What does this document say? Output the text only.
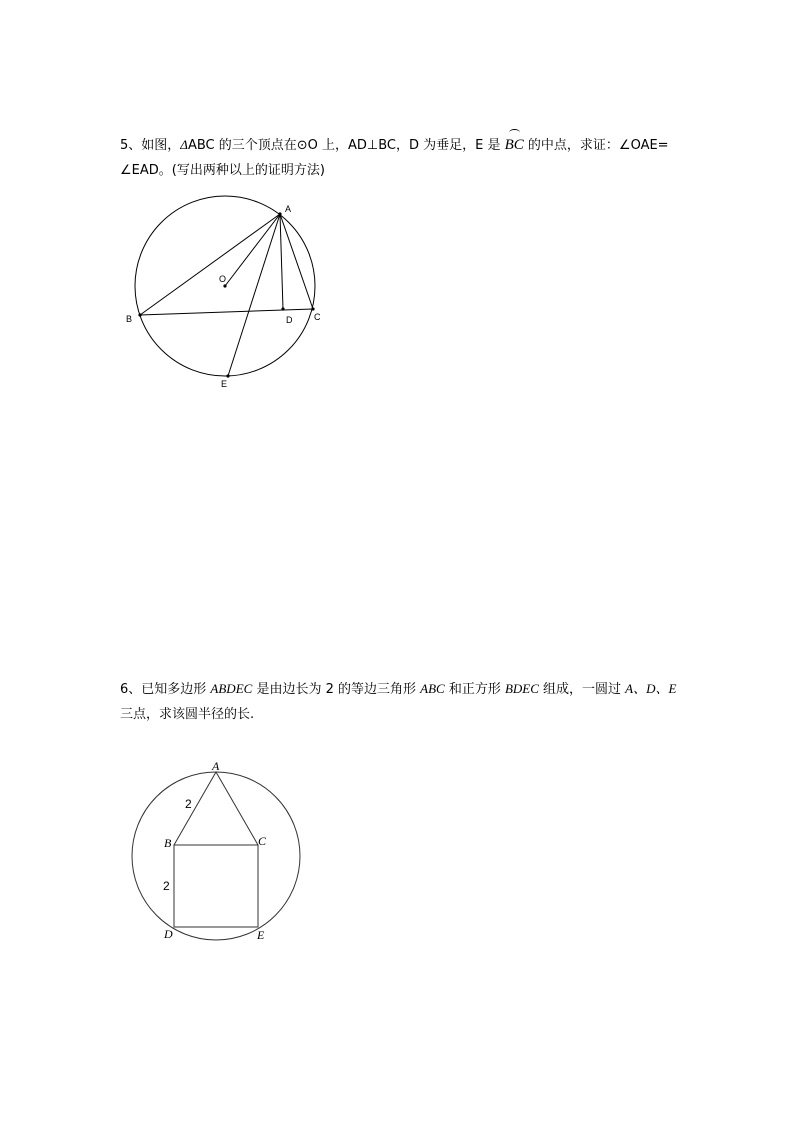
5、如图，ΔABC 的三个顶点在⊙O 上，AD⊥BC，D 为垂足，E 是 BC 的中点，求证：∠OAE=
∠EAD。(写出两种以上的证明方法)
A
B	C
D
E
O
6、已知多边形 ABDEC 是由边长为 2 的等边三角形 ABC 和正方形 BDEC 组成，一圆过 A、D、E
三点，求该圆半径的长.
A
B	C
D	E
2
2
